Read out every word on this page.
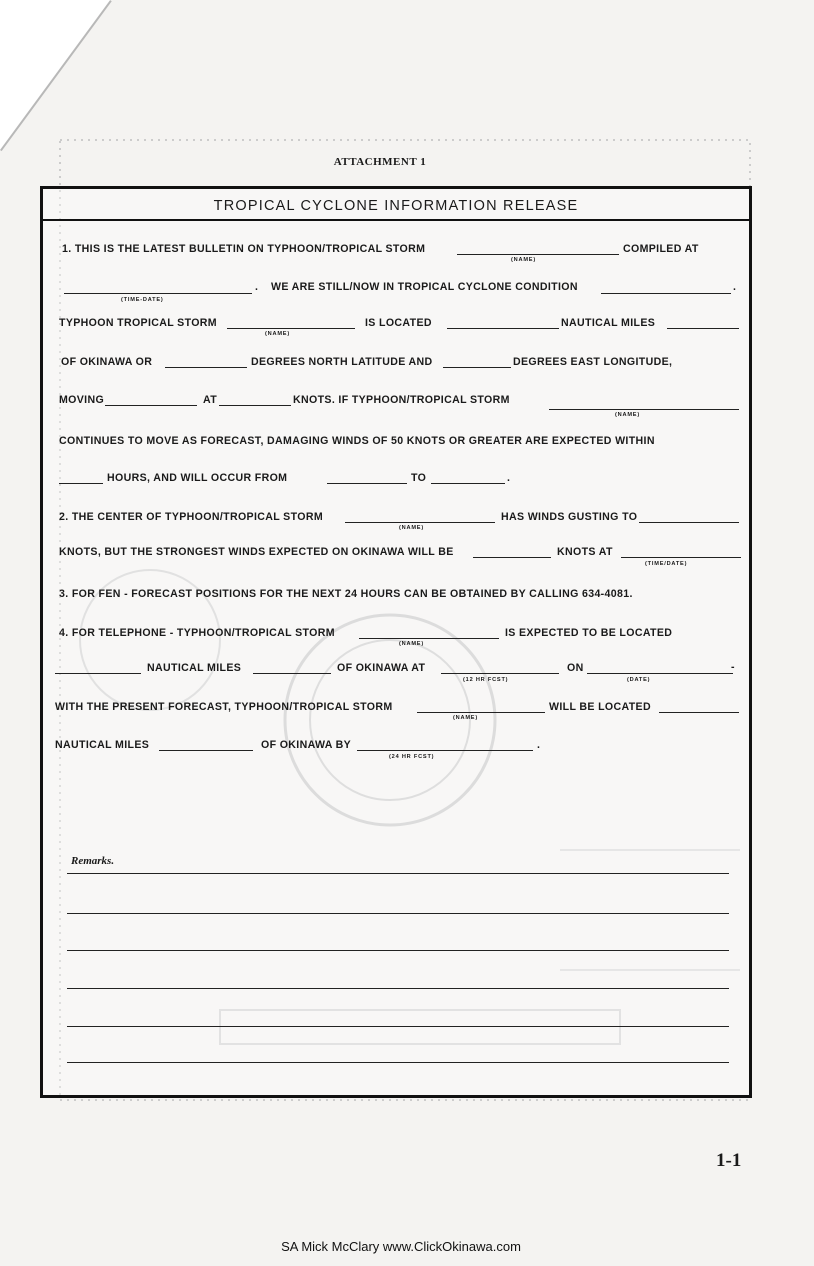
ATTACHMENT 1
TROPICAL CYCLONE INFORMATION RELEASE
1. THIS IS THE LATEST BULLETIN ON TYPHOON/TROPICAL STORM
(NAME)
COMPILED AT
(TIME-DATE)
. WE ARE STILL/NOW IN TROPICAL CYCLONE CONDITION	.
TYPHOON TROPICAL STORM
(NAME)
IS LOCATED	NAUTICAL MILES
OF OKINAWA OR	DEGREES NORTH LATITUDE AND	DEGREES EAST LONGITUDE,
MOVING	AT	KNOTS. IF TYPHOON/TROPICAL STORM
(NAME)
CONTINUES TO MOVE AS FORECAST, DAMAGING WINDS OF 50 KNOTS OR GREATER ARE EXPECTED WITHIN
HOURS, AND WILL OCCUR FROM	TO	.
2. THE CENTER OF TYPHOON/TROPICAL STORM
(NAME)
HAS WINDS GUSTING TO
KNOTS, BUT THE STRONGEST WINDS EXPECTED ON OKINAWA WILL BE	KNOTS AT
(TIME/DATE)
3. FOR FEN - FORECAST POSITIONS FOR THE NEXT 24 HOURS CAN BE OBTAINED BY CALLING 634-4081.
4. FOR TELEPHONE - TYPHOON/TROPICAL STORM
(NAME)
IS EXPECTED TO BE LOCATED
NAUTICAL MILES	OF OKINAWA AT
(12 HR FCST)
ON
(DATE)
-
WITH THE PRESENT FORECAST, TYPHOON/TROPICAL STORM
(NAME)
WILL BE LOCATED
NAUTICAL MILES	OF OKINAWA BY
(24 HR FCST)
.
Remarks.
1-1
SA Mick McClary www.ClickOkinawa.com
